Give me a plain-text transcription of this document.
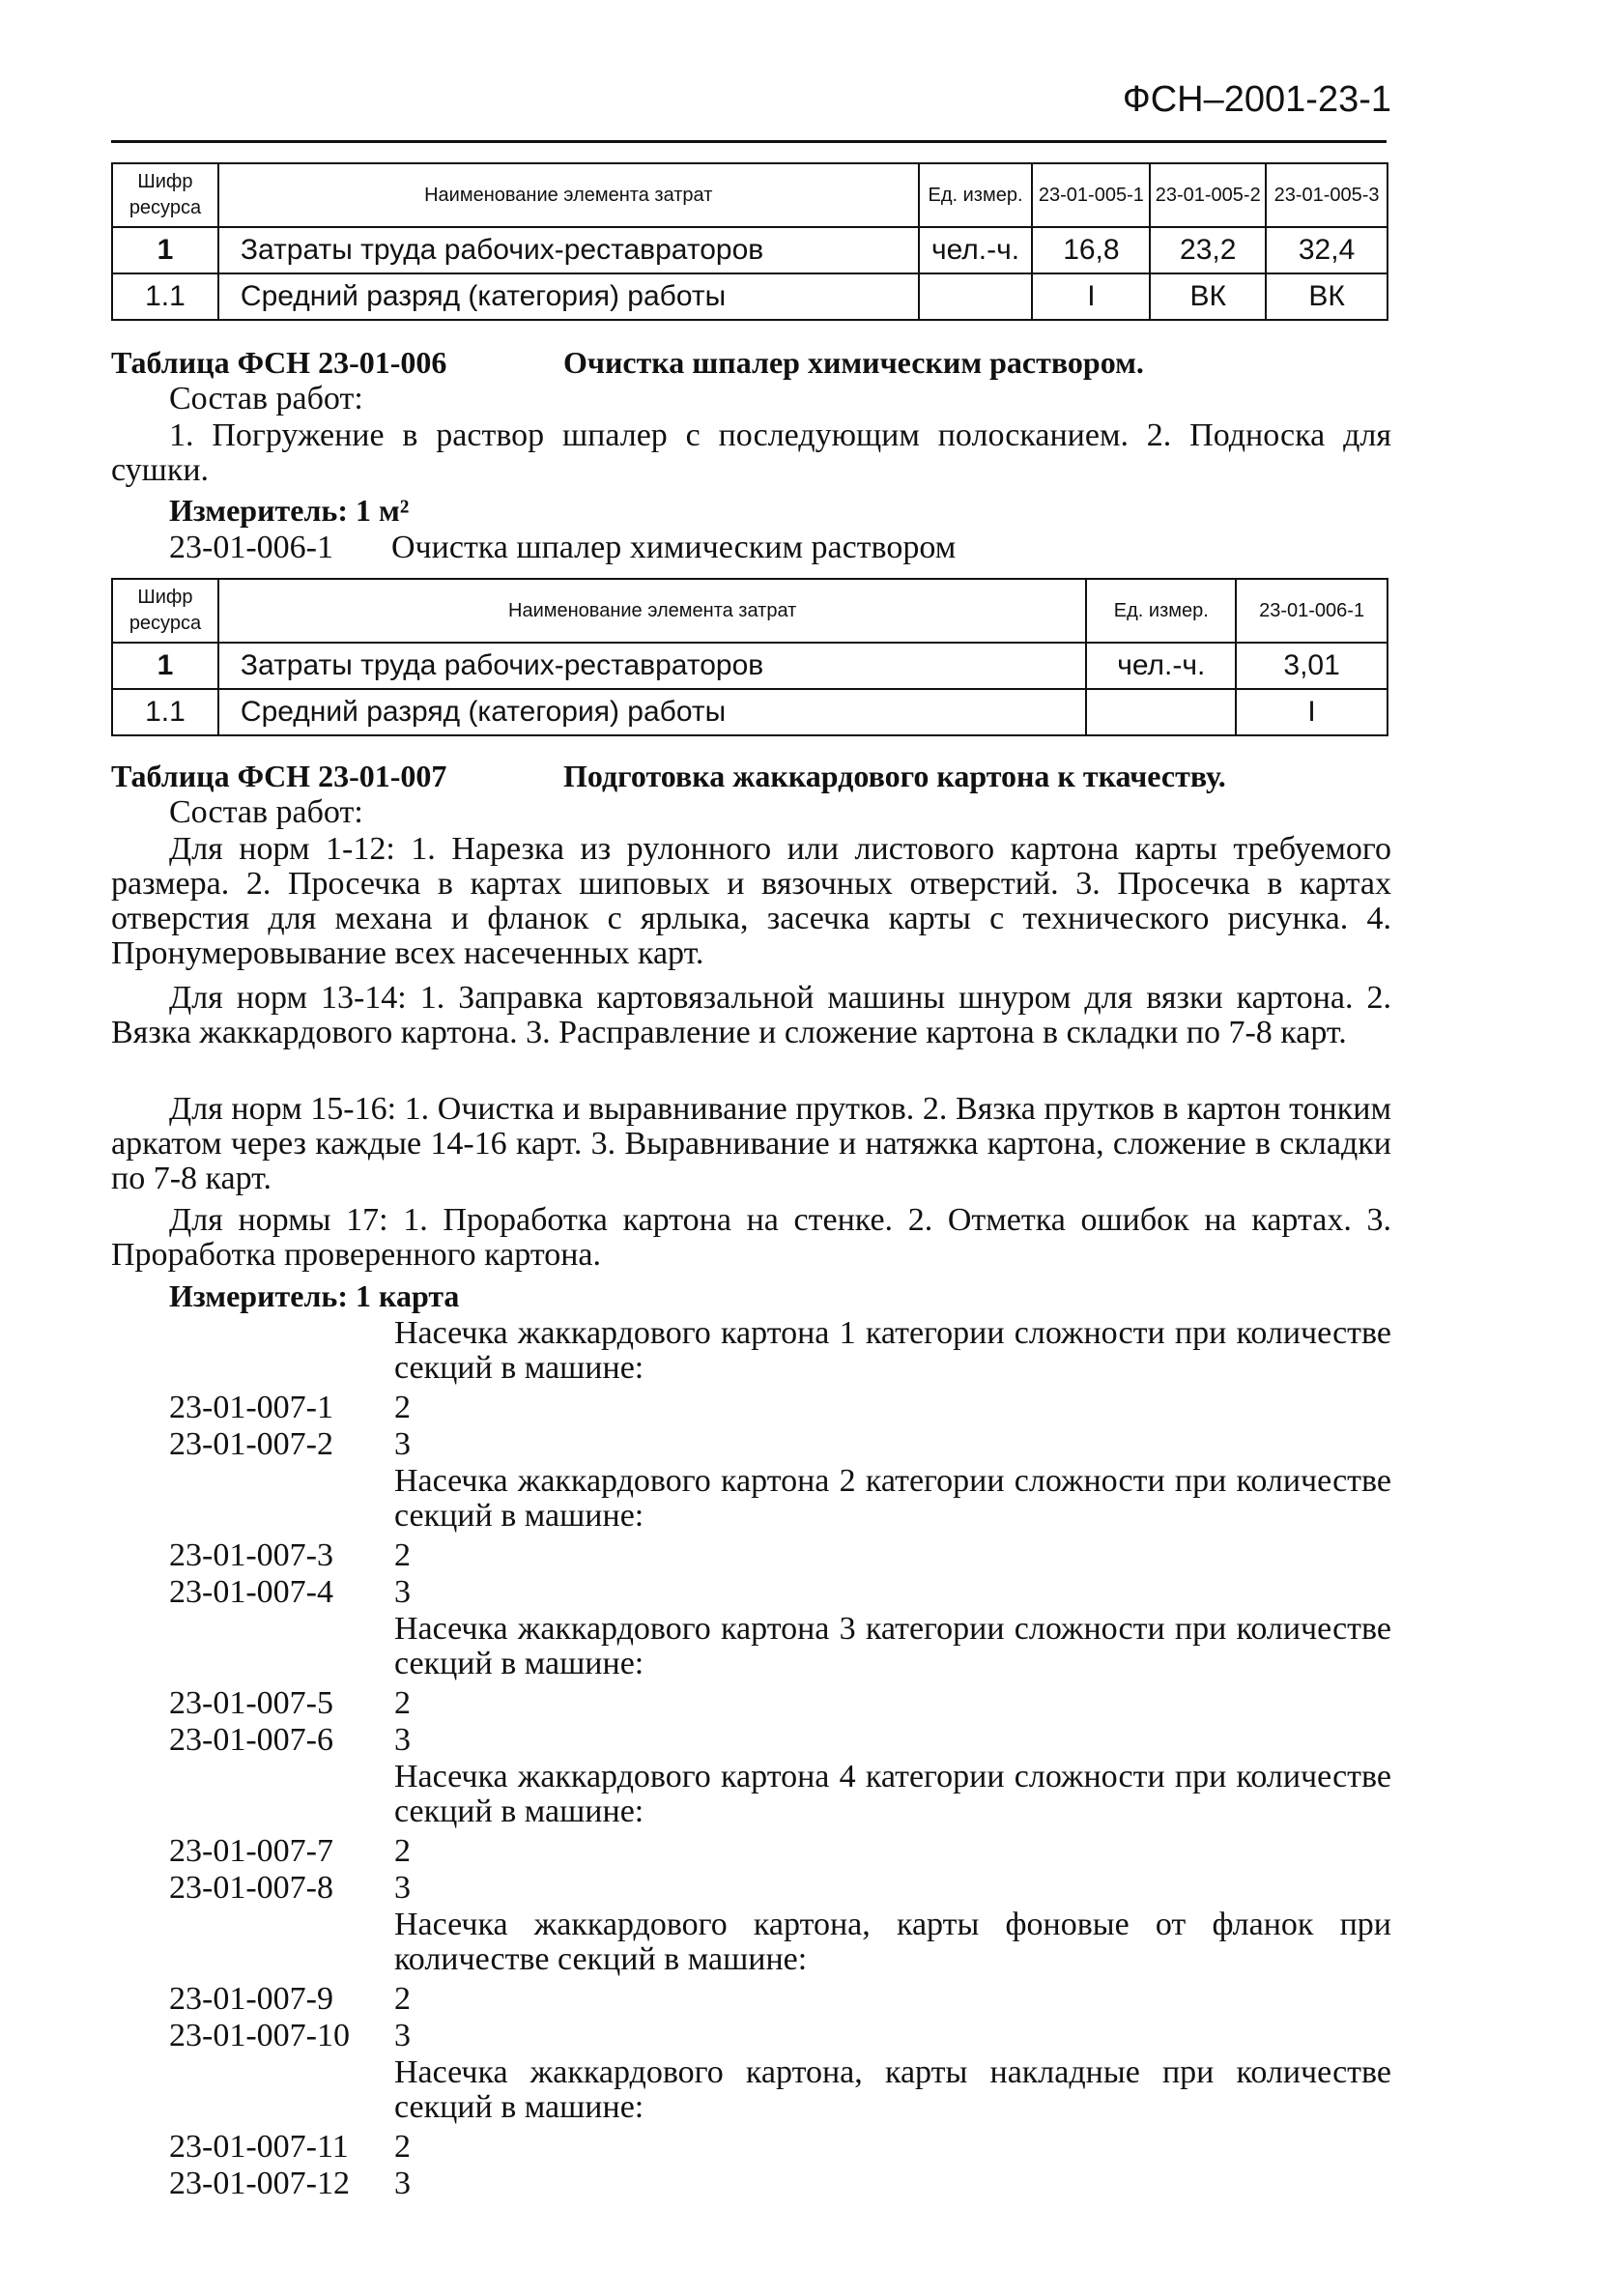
ФСН–2001-23-1
Шифр ресурса	Наименование элемента затрат	Ед. измер.	23-01-005-1	23-01-005-2	23-01-005-3
1	Затраты труда рабочих-реставраторов	чел.-ч.	16,8	23,2	32,4
1.1	Средний разряд (категория) работы		I	ВК	ВК
Таблица ФСН 23-01-006	Очистка шпалер химическим раствором.
Состав работ:
1. Погружение в раствор шпалер с последующим полосканием. 2. Подноска для сушки.
Измеритель: 1 м²
23-01-006-1 Очистка шпалер химическим раствором
Шифр ресурса	Наименование элемента затрат	Ед. измер.	23-01-006-1
1	Затраты труда рабочих-реставраторов	чел.-ч.	3,01
1.1	Средний разряд (категория) работы		I
Таблица ФСН 23-01-007	Подготовка жаккардового картона к ткачеству.
Состав работ:
Для норм 1-12: 1. Нарезка из рулонного или листового картона карты требуемого размера. 2. Просечка в картах шиповых и вязочных отверстий. 3. Просечка в картах отверстия для механа и фланок с ярлыка, засечка карты с технического рисунка. 4. Пронумеровывание всех насеченных карт.
Для норм 13-14: 1. Заправка картовязальной машины шнуром для вязки картона. 2. Вязка жаккардового картона. 3. Расправление и сложение картона в складки по 7-8 карт.
Для норм 15-16: 1. Очистка и выравнивание прутков. 2. Вязка прутков в картон тонким аркатом через каждые 14-16 карт. 3. Выравнивание и натяжка картона, сложение в складки по 7-8 карт.
Для нормы 17: 1. Проработка картона на стенке. 2. Отметка ошибок на картах. 3. Проработка проверенного картона.
Измеритель: 1 карта
Насечка жаккардового картона 1 категории сложности при количестве секций в машине:
23-01-007-1 2
23-01-007-2 3
Насечка жаккардового картона 2 категории сложности при количестве секций в машине:
23-01-007-3 2
23-01-007-4 3
Насечка жаккардового картона 3 категории сложности при количестве секций в машине:
23-01-007-5 2
23-01-007-6 3
Насечка жаккардового картона 4 категории сложности при количестве секций в машине:
23-01-007-7 2
23-01-007-8 3
Насечка жаккардового картона, карты фоновые от фланок при количестве секций в машине:
23-01-007-9 2
23-01-007-10 3
Насечка жаккардового картона, карты накладные при количестве секций в машине:
23-01-007-11 2
23-01-007-12 3
